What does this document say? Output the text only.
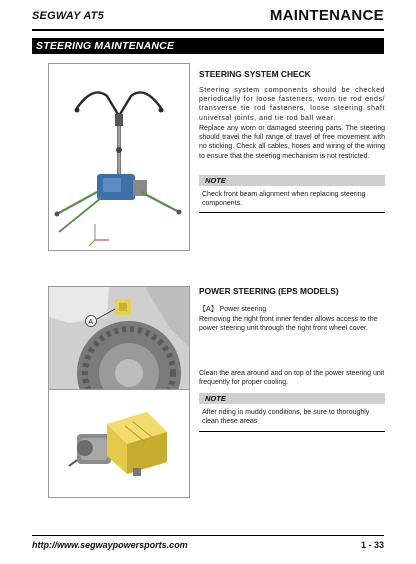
SEGWAY AT5	MAINTENANCE
STEERING MAINTENANCE
STEERING SYSTEM CHECK
Steering system components should be checked periodically for loose fasteners, worn tie rod ends/ transverse tie rod fasteners, loose steering shaft universal joints, and tie rod ball wear.
Replace any worn or damaged steering parts. The steering should travel the full range of travel of free movement with no sticking. Check all cables, hoses and wiring of the wiring to ensure that the steering mechanism is not restricted.
NOTE
Check front beam alignment when replacing steering components.
A
POWER STEERING (EPS MODELS)
【A】 Power steering
Removing the right front inner fender allows access to the power steering unit through the right front wheel cover.
Clean the area around and on top of the power steering unit frequently for proper cooling.
NOTE
After riding in muddy conditions, be sure to thoroughly clean these areas
http://www.segwaypowersports.com	1 - 33
